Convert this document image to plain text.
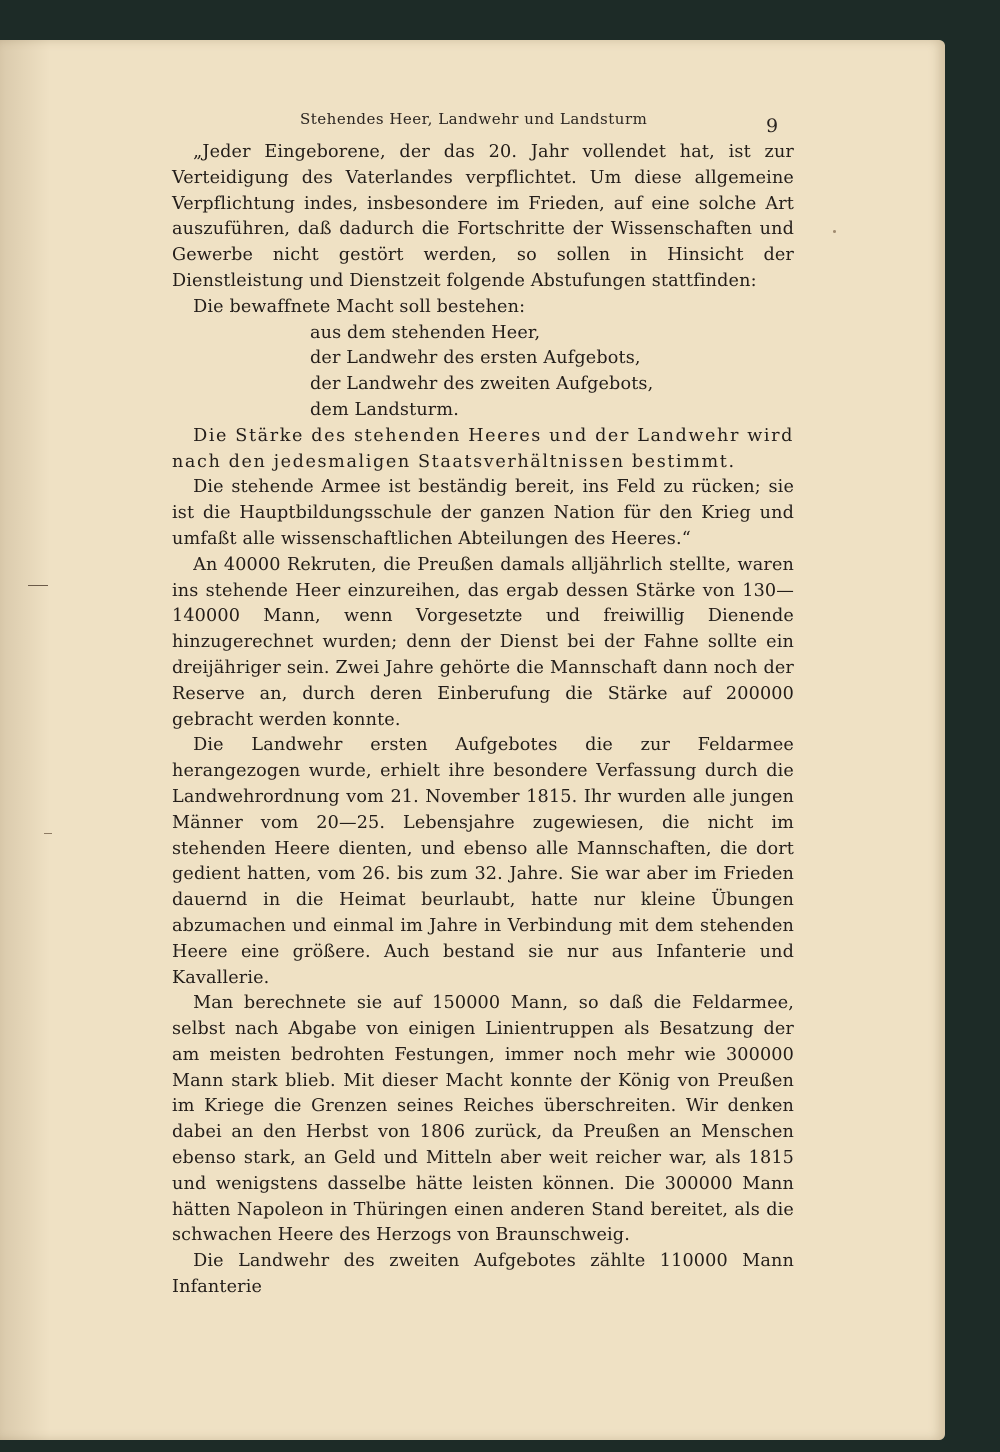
Stehendes Heer, Landwehr und Landsturm	9

„Jeder Eingeborene, der das 20. Jahr vollendet hat, ist zur Verteidigung des Vaterlandes verpflichtet. Um diese allgemeine Verpflichtung indes, insbesondere im Frieden, auf eine solche Art auszuführen, daß dadurch die Fortschritte der Wissenschaften und Gewerbe nicht gestört werden, so sollen in Hinsicht der Dienstleistung und Dienstzeit folgende Abstufungen stattfinden:

Die bewaffnete Macht soll bestehen:

aus dem stehenden Heer,
der Landwehr des ersten Aufgebots,
der Landwehr des zweiten Aufgebots,
dem Landsturm.

Die Stärke des stehenden Heeres und der Landwehr wird nach den jedesmaligen Staatsverhältnissen bestimmt.

Die stehende Armee ist beständig bereit, ins Feld zu rücken; sie ist die Hauptbildungsschule der ganzen Nation für den Krieg und umfaßt alle wissenschaftlichen Abteilungen des Heeres.“

An 40000 Rekruten, die Preußen damals alljährlich stellte, waren ins stehende Heer einzureihen, das ergab dessen Stärke von 130—140000 Mann, wenn Vorgesetzte und freiwillig Dienende hinzugerechnet wurden; denn der Dienst bei der Fahne sollte ein dreijähriger sein. Zwei Jahre gehörte die Mannschaft dann noch der Reserve an, durch deren Einberufung die Stärke auf 200000 gebracht werden konnte.

Die Landwehr ersten Aufgebotes die zur Feldarmee herangezogen wurde, erhielt ihre besondere Verfassung durch die Landwehrordnung vom 21. November 1815. Ihr wurden alle jungen Männer vom 20—25. Lebensjahre zugewiesen, die nicht im stehenden Heere dienten, und ebenso alle Mannschaften, die dort gedient hatten, vom 26. bis zum 32. Jahre. Sie war aber im Frieden dauernd in die Heimat beurlaubt, hatte nur kleine Übungen abzumachen und einmal im Jahre in Verbindung mit dem stehenden Heere eine größere. Auch bestand sie nur aus Infanterie und Kavallerie.

Man berechnete sie auf 150000 Mann, so daß die Feldarmee, selbst nach Abgabe von einigen Linientruppen als Besatzung der am meisten bedrohten Festungen, immer noch mehr wie 300000 Mann stark blieb. Mit dieser Macht konnte der König von Preußen im Kriege die Grenzen seines Reiches überschreiten. Wir denken dabei an den Herbst von 1806 zurück, da Preußen an Menschen ebenso stark, an Geld und Mitteln aber weit reicher war, als 1815 und wenigstens dasselbe hätte leisten können. Die 300000 Mann hätten Napoleon in Thüringen einen anderen Stand bereitet, als die schwachen Heere des Herzogs von Braunschweig.

Die Landwehr des zweiten Aufgebotes zählte 110000 Mann Infanterie
